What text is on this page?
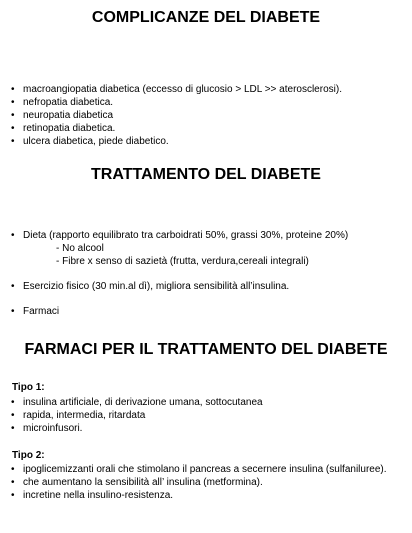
COMPLICANZE DEL DIABETE
• macroangiopatia diabetica (eccesso di glucosio > LDL >> aterosclerosi).
• nefropatia diabetica.
• neuropatia diabetica
• retinopatia diabetica.
• ulcera diabetica, piede diabetico.
TRATTAMENTO DEL DIABETE
• Dieta (rapporto equilibrato tra carboidrati 50%, grassi 30%, proteine 20%)
- No alcool
- Fibre x senso di sazietà (frutta, verdura,cereali integrali)
• Esercizio fisico (30 min.al dì), migliora sensibilità all’insulina.
• Farmaci
FARMACI PER IL TRATTAMENTO DEL DIABETE

Tipo 1:

• insulina artificiale, di derivazione umana, sottocutanea
• rapida, intermedia, ritardata
• microinfusori.

Tipo 2:

• ipoglicemizzanti orali che stimolano il pancreas a secernere insulina (sulfaniluree).
• che aumentano la sensibilità all’ insulina (metformina).
• incretine nella insulino-resistenza.
